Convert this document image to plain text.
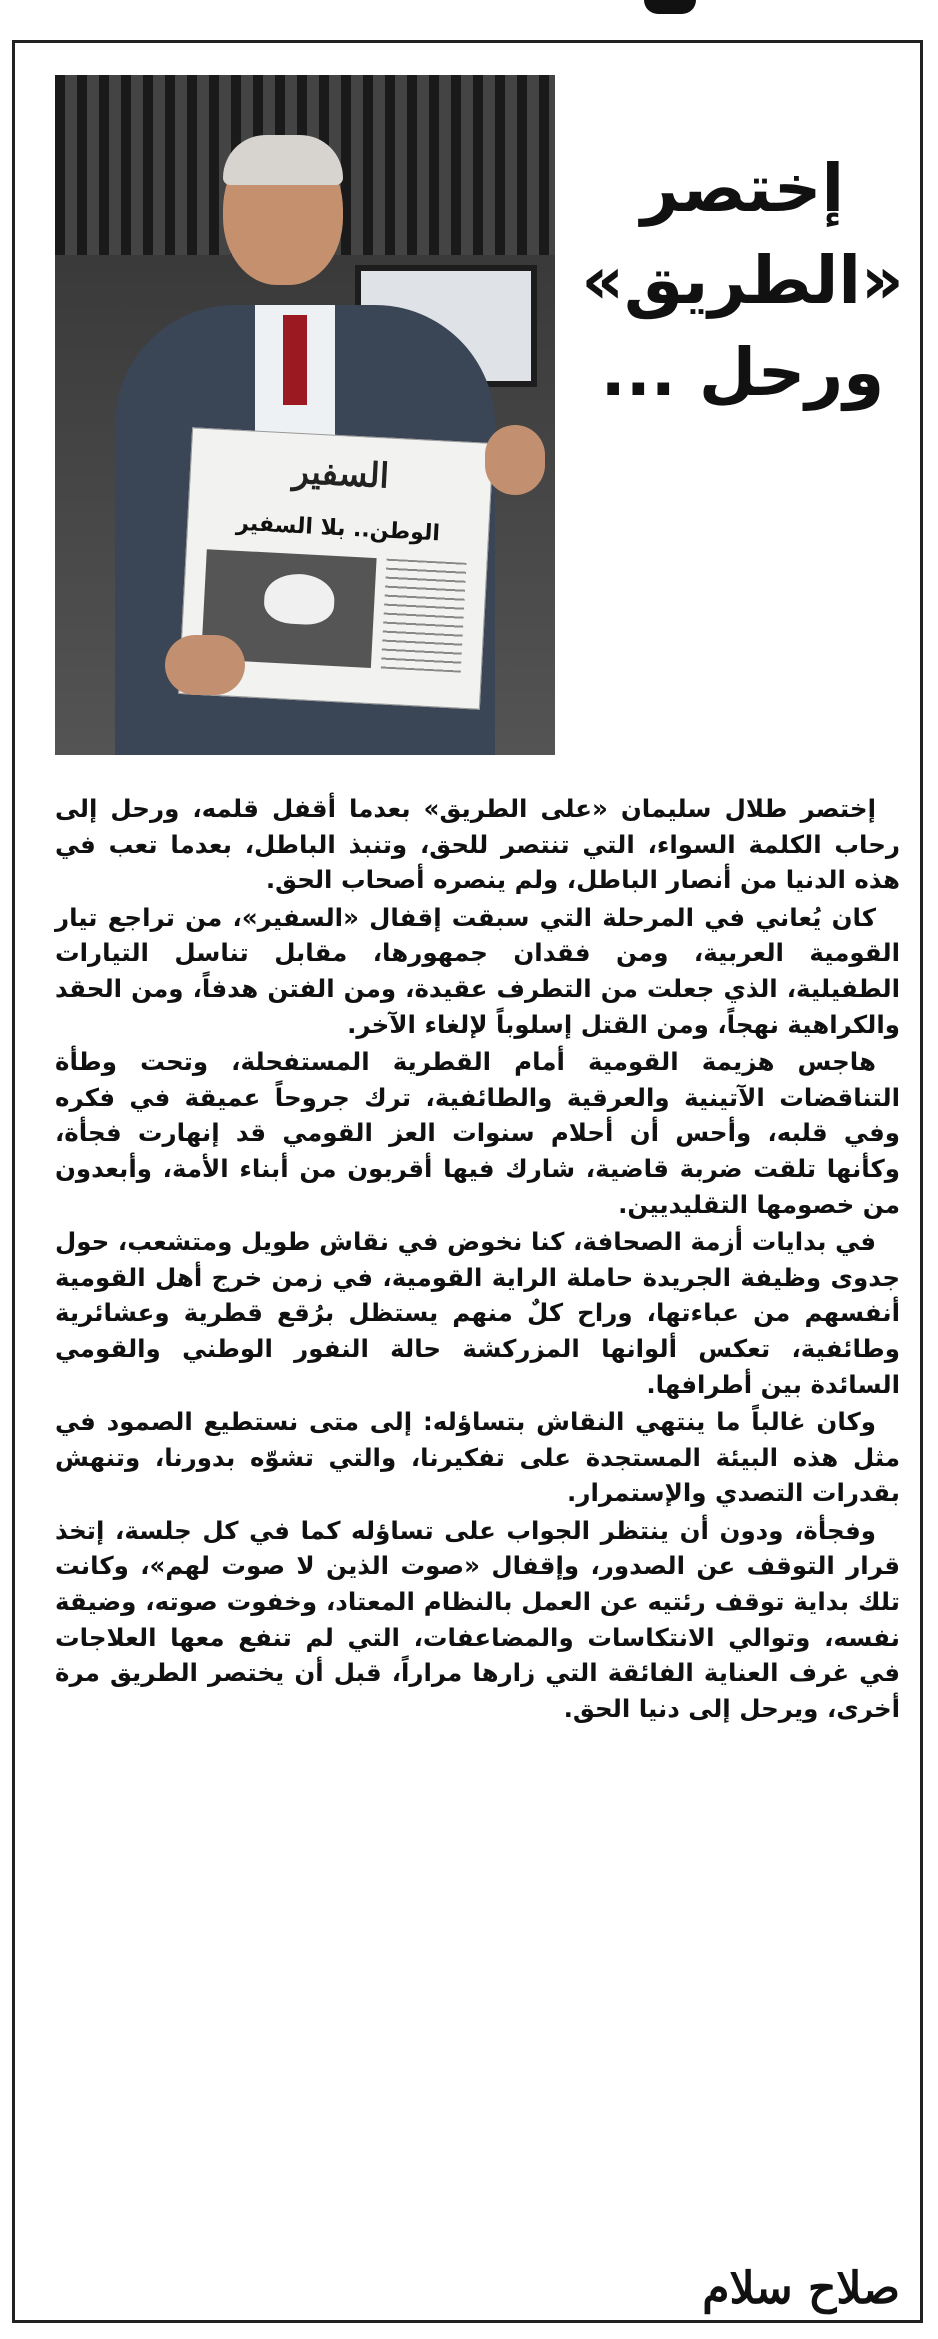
السفير
الوطن.. بلا السفير
إختصر
«الطريق»
ورحل ...

إختصر طلال سليمان «على الطريق» بعدما أقفل قلمه، ورحل إلى رحاب الكلمة السواء، التي تنتصر للحق، وتنبذ الباطل، بعدما تعب في هذه الدنيا من أنصار الباطل، ولم ينصره أصحاب الحق.

كان يُعاني في المرحلة التي سبقت إقفال «السفير»، من تراجع تيار القومية العربية، ومن فقدان جمهورها، مقابل تناسل التيارات الطفيلية، الذي جعلت من التطرف عقيدة، ومن الفتن هدفاً، ومن الحقد والكراهية نهجاً، ومن القتل إسلوباً لإلغاء الآخر.

هاجس هزيمة القومية أمام القطرية المستفحلة، وتحت وطأة التناقضات الآتينية والعرقية والطائفية، ترك جروحاً عميقة في فكره وفي قلبه، وأحس أن أحلام سنوات العز القومي قد إنهارت فجأة، وكأنها تلقت ضربة قاضية، شارك فيها أقربون من أبناء الأمة، وأبعدون من خصومها التقليديين.

في بدايات أزمة الصحافة، كنا نخوض في نقاش طويل ومتشعب، حول جدوى وظيفة الجريدة حاملة الراية القومية، في زمن خرج أهل القومية أنفسهم من عباءتها، وراح كلٌ منهم يستظل برُقع قطرية وعشائرية وطائفية، تعكس ألوانها المزركشة حالة النفور الوطني والقومي السائدة بين أطرافها.

وكان غالباً ما ينتهي النقاش بتساؤله: إلى متى نستطيع الصمود في مثل هذه البيئة المستجدة على تفكيرنا، والتي تشوّه بدورنا، وتنهش بقدرات التصدي والإستمرار.

وفجأة، ودون أن ينتظر الجواب على تساؤله كما في كل جلسة، إتخذ قرار التوقف عن الصدور، وإقفال «صوت الذين لا صوت لهم»، وكانت تلك بداية توقف رئتيه عن العمل بالنظام المعتاد، وخفوت صوته، وضيقة نفسه، وتوالي الانتكاسات والمضاعفات، التي لم تنفع معها العلاجات في غرف العناية الفائقة التي زارها مراراً، قبل أن يختصر الطريق مرة أخرى، ويرحل إلى دنيا الحق.

صلاح سلام
